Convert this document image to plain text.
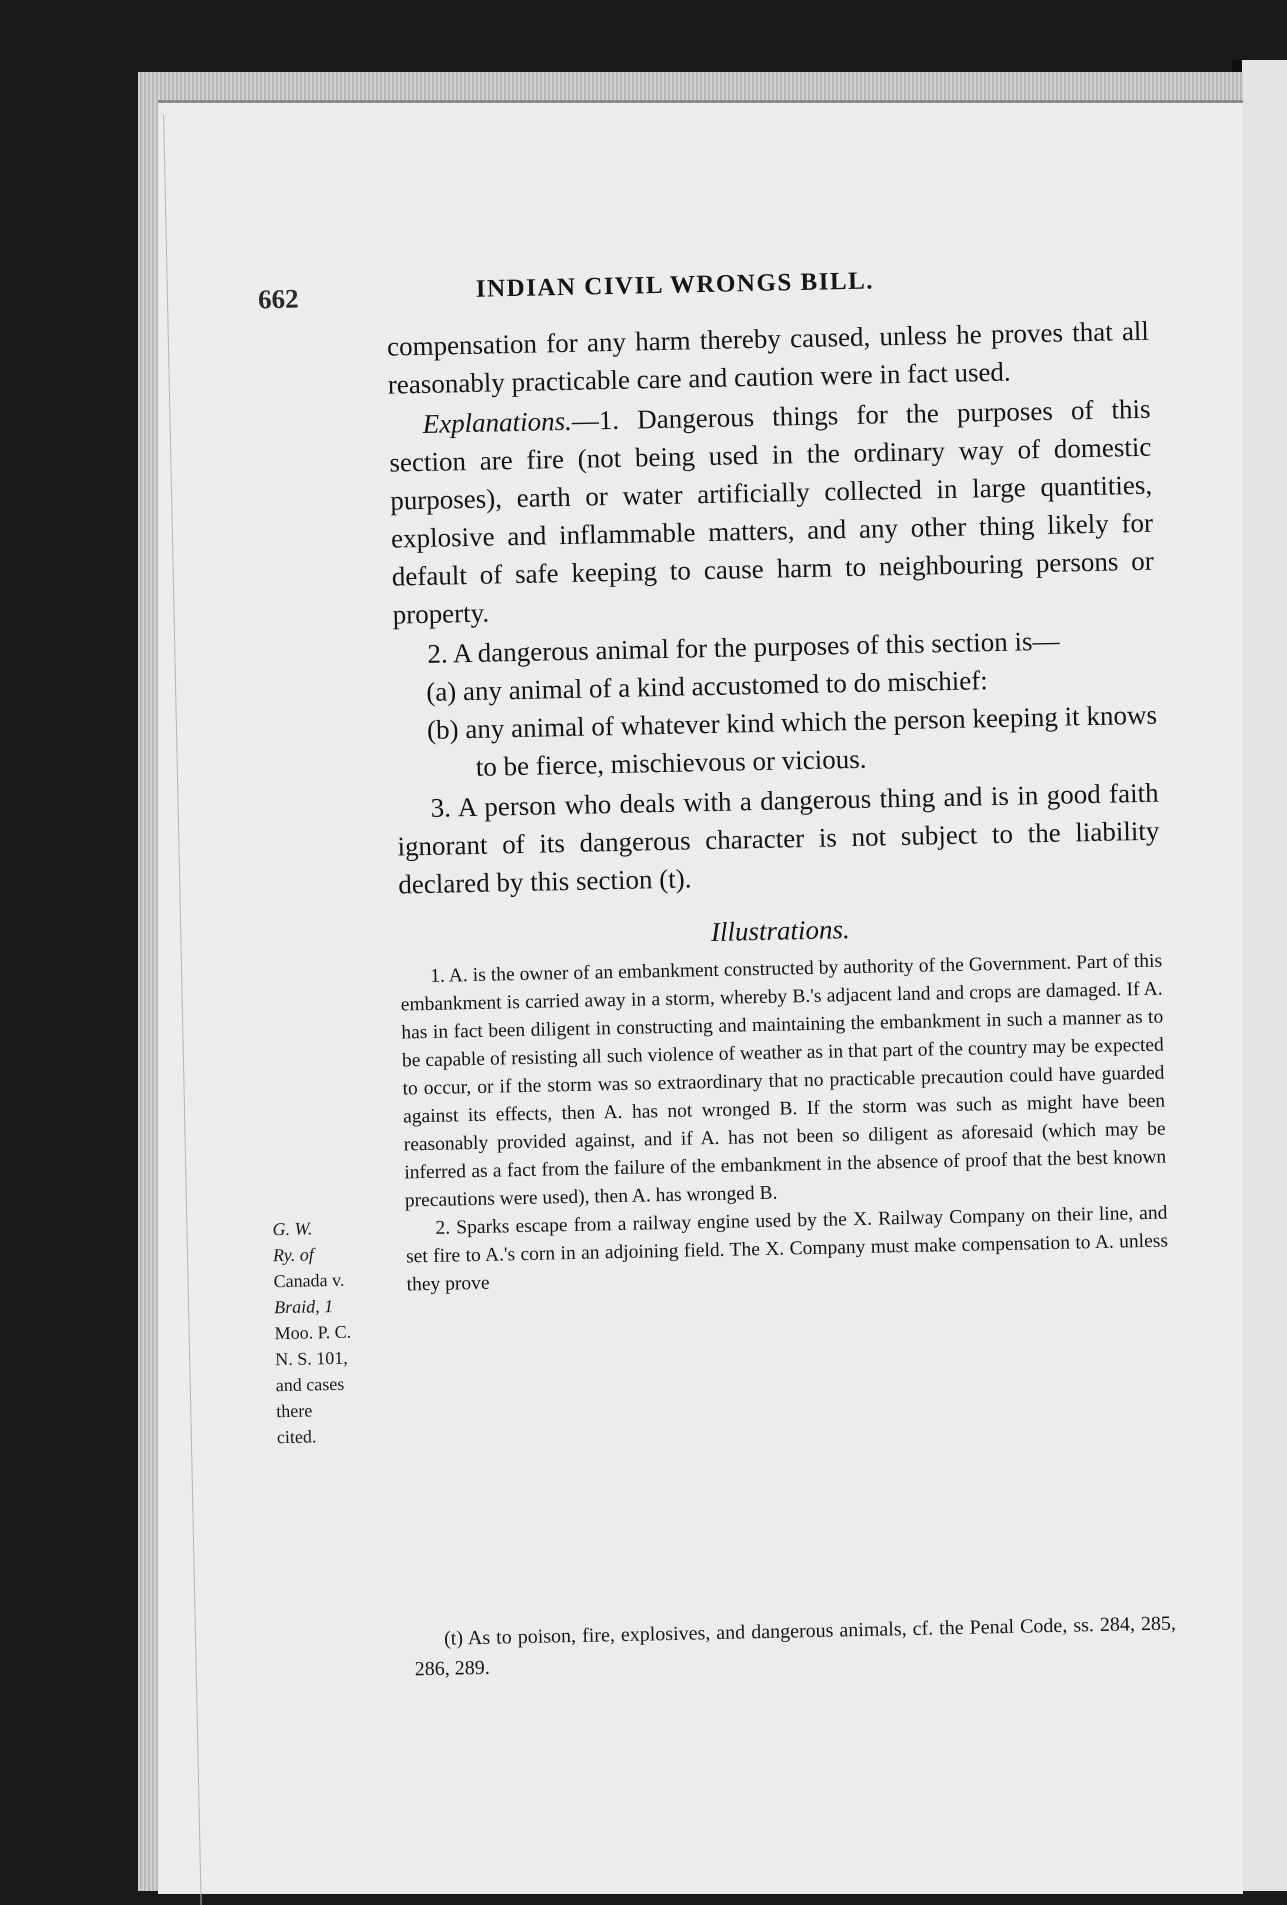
662	INDIAN CIVIL WRONGS BILL.

compensation for any harm thereby caused, unless he proves that all reasonably practicable care and caution were in fact used.

Explanations.—1. Dangerous things for the purposes of this section are fire (not being used in the ordinary way of domestic purposes), earth or water artificially collected in large quantities, explosive and inflammable matters, and any other thing likely for default of safe keeping to cause harm to neighbouring persons or property.

2. A dangerous animal for the purposes of this section is—

(a) any animal of a kind accustomed to do mischief:

(b) any animal of whatever kind which the person keeping it knows to be fierce, mischievous or vicious.

3. A person who deals with a dangerous thing and is in good faith ignorant of its dangerous character is not subject to the liability declared by this section (t).

Illustrations.

1. A. is the owner of an embankment constructed by authority of the Government. Part of this embankment is carried away in a storm, whereby B.'s adjacent land and crops are damaged. If A. has in fact been diligent in constructing and maintaining the embankment in such a manner as to be capable of resisting all such violence of weather as in that part of the country may be expected to occur, or if the storm was so extraordinary that no practicable precaution could have guarded against its effects, then A. has not wronged B. If the storm was such as might have been reasonably provided against, and if A. has not been so diligent as aforesaid (which may be inferred as a fact from the failure of the embankment in the absence of proof that the best known precautions were used), then A. has wronged B.

2. Sparks escape from a railway engine used by the X. Railway Company on their line, and set fire to A.'s corn in an adjoining field. The X. Company must make compensation to A. unless they prove

G. W.
Ry. of
Canada v.
Braid, 1
Moo. P. C.
N. S. 101,
and cases
there
cited.

(t) As to poison, fire, explosives, and dangerous animals, cf. the Penal Code, ss. 284, 285, 286, 289.
